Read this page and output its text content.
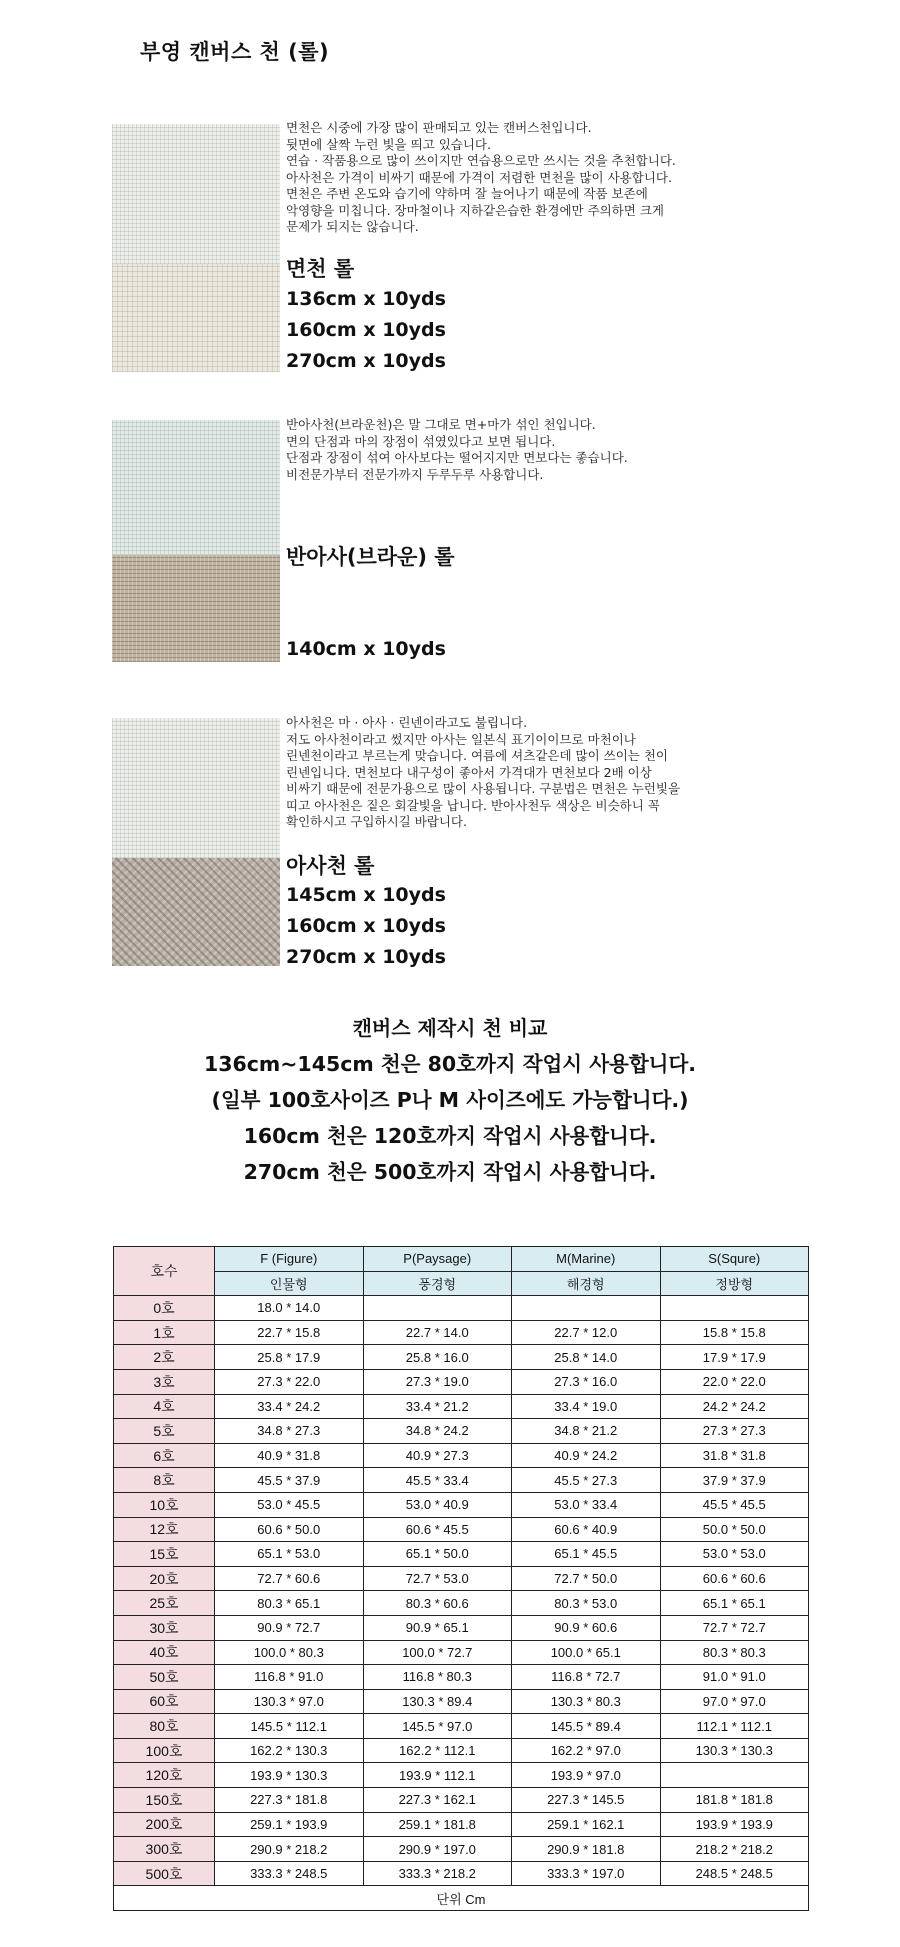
부영 캔버스 천 (롤)

면천은 시중에 가장 많이 판매되고 있는 캔버스천입니다.

뒷면에 살짝 누런 빛을 띄고 있습니다.

연습 · 작품용으로 많이 쓰이지만 연습용으로만 쓰시는 것을 추천합니다.

아사천은 가격이 비싸기 때문에 가격이 저렴한 면천을 많이 사용합니다.

면천은 주변 온도와 습기에 약하며 잘 늘어나기 때문에 작품 보존에

악영향을 미칩니다. 장마철이나 지하같은습한 환경에만 주의하면 크게

문제가 되지는 않습니다.

면천 롤
136cm x 10yds
160cm x 10yds
270cm x 10yds

반아사천(브라운천)은 말 그대로 면+마가 섞인 천입니다.

면의 단점과 마의 장점이 섞였있다고 보면 됩니다.

단점과 장점이 섞여 아사보다는 떨어지지만 면보다는 좋습니다.

비전문가부터 전문가까지 두루두루 사용합니다.

반아사(브라운) 롤
140cm x 10yds

아사천은 마 · 아사 · 린넨이라고도 불립니다.

저도 아사천이라고 썼지만 아사는 일본식 표기이이므로 마천이나

린넨천이라고 부르는게 맞습니다. 여름에 셔츠같은데 많이 쓰이는 천이

린넨입니다. 면천보다 내구성이 좋아서 가격대가 면천보다 2배 이상

비싸기 때문에 전문가용으로 많이 사용됩니다. 구분법은 면천은 누런빛을

띠고 아사천은 짙은 회갈빛을 납니다. 반아사천두 색상은 비슷하니 꼭

확인하시고 구입하시길 바랍니다.

아사천 롤
145cm x 10yds
160cm x 10yds
270cm x 10yds
캔버스 제작시 천 비교
136cm~145cm 천은 80호까지 작업시 사용합니다.
(일부 100호사이즈 P나 M 사이즈에도 가능합니다.)
160cm 천은 120호까지 작업시 사용합니다.
270cm 천은 500호까지 작업시 사용합니다.
호수	F (Figure)	P(Paysage)	M(Marine)	S(Squre)
	인물형	풍경형	해경형	정방형
0호	18.0 * 14.0			
1호	22.7 * 15.8	22.7 * 14.0	22.7 * 12.0	15.8 * 15.8
2호	25.8 * 17.9	25.8 * 16.0	25.8 * 14.0	17.9 * 17.9
3호	27.3 * 22.0	27.3 * 19.0	27.3 * 16.0	22.0 * 22.0
4호	33.4 * 24.2	33.4 * 21.2	33.4 * 19.0	24.2 * 24.2
5호	34.8 * 27.3	34.8 * 24.2	34.8 * 21.2	27.3 * 27.3
6호	40.9 * 31.8	40.9 * 27.3	40.9 * 24.2	31.8 * 31.8
8호	45.5 * 37.9	45.5 * 33.4	45.5 * 27.3	37.9 * 37.9
10호	53.0 * 45.5	53.0 * 40.9	53.0 * 33.4	45.5 * 45.5
12호	60.6 * 50.0	60.6 * 45.5	60.6 * 40.9	50.0 * 50.0
15호	65.1 * 53.0	65.1 * 50.0	65.1 * 45.5	53.0 * 53.0
20호	72.7 * 60.6	72.7 * 53.0	72.7 * 50.0	60.6 * 60.6
25호	80.3 * 65.1	80.3 * 60.6	80.3 * 53.0	65.1 * 65.1
30호	90.9 * 72.7	90.9 * 65.1	90.9 * 60.6	72.7 * 72.7
40호	100.0 * 80.3	100.0 * 72.7	100.0 * 65.1	80.3 * 80.3
50호	116.8 * 91.0	116.8 * 80.3	116.8 * 72.7	91.0 * 91.0
60호	130.3 * 97.0	130.3 * 89.4	130.3 * 80.3	97.0 * 97.0
80호	145.5 * 112.1	145.5 * 97.0	145.5 * 89.4	112.1 * 112.1
100호	162.2 * 130.3	162.2 * 112.1	162.2 * 97.0	130.3 * 130.3
120호	193.9 * 130.3	193.9 * 112.1	193.9 * 97.0	
150호	227.3 * 181.8	227.3 * 162.1	227.3 * 145.5	181.8 * 181.8
200호	259.1 * 193.9	259.1 * 181.8	259.1 * 162.1	193.9 * 193.9
300호	290.9 * 218.2	290.9 * 197.0	290.9 * 181.8	218.2 * 218.2
500호	333.3 * 248.5	333.3 * 218.2	333.3 * 197.0	248.5 * 248.5
단위 Cm				
